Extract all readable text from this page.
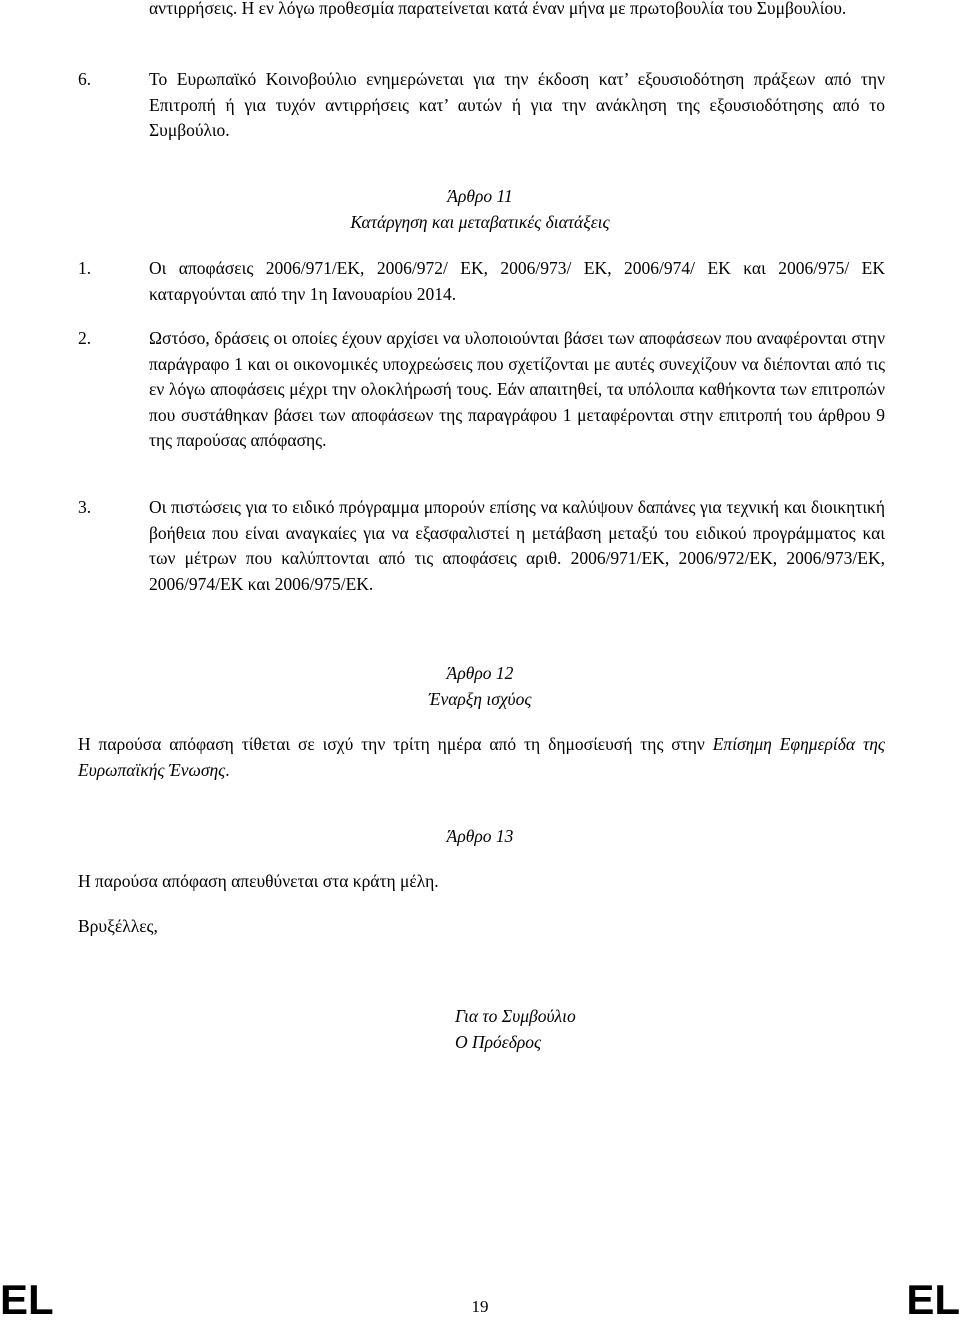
αντιρρήσεις. Η εν λόγω προθεσμία παρατείνεται κατά έναν μήνα με πρωτοβουλία του Συμβουλίου.

6.	Το Ευρωπαϊκό Κοινοβούλιο ενημερώνεται για την έκδοση κατ’ εξουσιοδότηση πράξεων από την Επιτροπή ή για τυχόν αντιρρήσεις κατ’ αυτών ή για την ανάκληση της εξουσιοδότησης από το Συμβούλιο.

Άρθρο 11

Κατάργηση και μεταβατικές διατάξεις

1.	Οι αποφάσεις 2006/971/ΕΚ, 2006/972/ ΕΚ, 2006/973/ ΕΚ, 2006/974/ ΕΚ και 2006/975/ ΕΚ καταργούνται από την 1η Ιανουαρίου 2014.

2.	Ωστόσο, δράσεις οι οποίες έχουν αρχίσει να υλοποιούνται βάσει των αποφάσεων που αναφέρονται στην παράγραφο 1 και οι οικονομικές υποχρεώσεις που σχετίζονται με αυτές συνεχίζουν να διέπονται από τις εν λόγω αποφάσεις μέχρι την ολοκλήρωσή τους. Εάν απαιτηθεί, τα υπόλοιπα καθήκοντα των επιτροπών που συστάθηκαν βάσει των αποφάσεων της παραγράφου 1 μεταφέρονται στην επιτροπή του άρθρου 9 της παρούσας απόφασης.

3.	Οι πιστώσεις για το ειδικό πρόγραμμα μπορούν επίσης να καλύψουν δαπάνες για τεχνική και διοικητική βοήθεια που είναι αναγκαίες για να εξασφαλιστεί η μετάβαση μεταξύ του ειδικού προγράμματος και των μέτρων που καλύπτονται από τις αποφάσεις αριθ. 2006/971/ΕΚ, 2006/972/ΕΚ, 2006/973/ΕΚ, 2006/974/ΕΚ και 2006/975/ΕΚ.

Άρθρο 12

Έναρξη ισχύος

Η παρούσα απόφαση τίθεται σε ισχύ την τρίτη ημέρα από τη δημοσίευσή της στην Επίσημη Εφημερίδα της Ευρωπαϊκής Ένωσης.

Άρθρο 13

Η παρούσα απόφαση απευθύνεται στα κράτη μέλη.

Βρυξέλλες,

Για το Συμβούλιο

Ο Πρόεδρος

EL	19	EL
